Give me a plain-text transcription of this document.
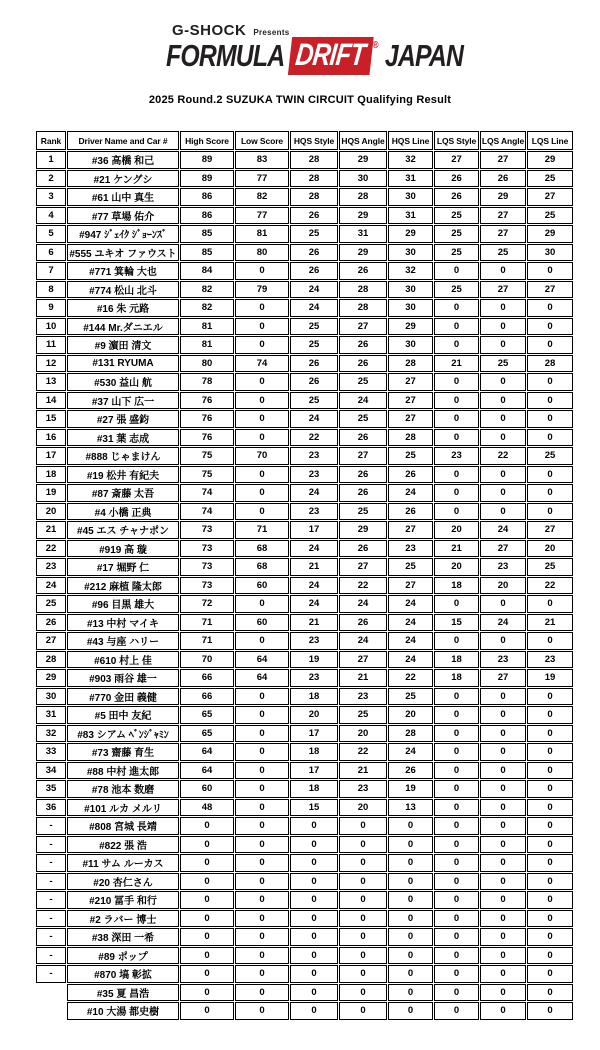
G-SHOCK Presents
FORMULA DRIFT ® JAPAN
2025 Round.2 SUZUKA TWIN CIRCUIT Qualifying Result
Rank	Driver Name and Car #	High Score	Low Score	HQS Style	HQS Angle	HQS Line	LQS Style	LQS Angle	LQS Line
1	#36 高橋 和己	89	83	28	29	32	27	27	29
2	#21 ケングシ	89	77	28	30	31	26	26	25
3	#61 山中 真生	86	82	28	28	30	26	29	27
4	#77 草場 佑介	86	77	26	29	31	25	27	25
5	#947 ｼﾞｪｲｸ ｼﾞｮｰﾝｽﾞ	85	81	25	31	29	25	27	29
6	#555 ユキオ ファウスト	85	80	26	29	30	25	25	30
7	#771 箕輪 大也	84	0	26	26	32	0	0	0
8	#774 松山 北斗	82	79	24	28	30	25	27	27
9	#16 朱 元路	82	0	24	28	30	0	0	0
10	#144 Mr.ダニエル	81	0	25	27	29	0	0	0
11	#9 濵田 清文	81	0	25	26	30	0	0	0
12	#131 RYUMA	80	74	26	26	28	21	25	28
13	#530 益山 航	78	0	26	25	27	0	0	0
14	#37 山下 広一	76	0	25	24	27	0	0	0
15	#27 張 盛鈞	76	0	24	25	27	0	0	0
16	#31 葉 志成	76	0	22	26	28	0	0	0
17	#888 じゃまけん	75	70	23	27	25	23	22	25
18	#19 松井 有紀夫	75	0	23	26	26	0	0	0
19	#87 斎藤 太吾	74	0	24	26	24	0	0	0
20	#4 小橋 正典	74	0	23	25	26	0	0	0
21	#45 エス チャナポン	73	71	17	29	27	20	24	27
22	#919 高 璇	73	68	24	26	23	21	27	20
23	#17 堀野 仁	73	68	21	27	25	20	23	25
24	#212 麻植 隆太郎	73	60	24	22	27	18	20	22
25	#96 目黒 雄大	72	0	24	24	24	0	0	0
26	#13 中村 マイキ	71	60	21	26	24	15	24	21
27	#43 与座 ハリー	71	0	23	24	24	0	0	0
28	#610 村上 佳	70	64	19	27	24	18	23	23
29	#903 雨谷 雄一	66	64	23	21	22	18	27	19
30	#770 金田 義健	66	0	18	23	25	0	0	0
31	#5 田中 友紀	65	0	20	25	20	0	0	0
32	#83 シアム ﾍﾞﾝｼﾞｬﾐﾝ	65	0	17	20	28	0	0	0
33	#73 齋藤 育生	64	0	18	22	24	0	0	0
34	#88 中村 進太郎	64	0	17	21	26	0	0	0
35	#78 池本 数磨	60	0	18	23	19	0	0	0
36	#101 ルカ メルリ	48	0	15	20	13	0	0	0
-	#808 宮城 長靖	0	0	0	0	0	0	0	0
-	#822 張 浩	0	0	0	0	0	0	0	0
-	#11 サム ルーカス	0	0	0	0	0	0	0	0
-	#20 杏仁さん	0	0	0	0	0	0	0	0
-	#210 冨手 和行	0	0	0	0	0	0	0	0
-	#2 ラバー 博士	0	0	0	0	0	0	0	0
-	#38 深田 一希	0	0	0	0	0	0	0	0
-	#89 ポップ	0	0	0	0	0	0	0	0
-	#870 塙 彰拡	0	0	0	0	0	0	0	0
	#35 夏 昌浩	0	0	0	0	0	0	0	0
	#10 大湯 都史樹	0	0	0	0	0	0	0	0
